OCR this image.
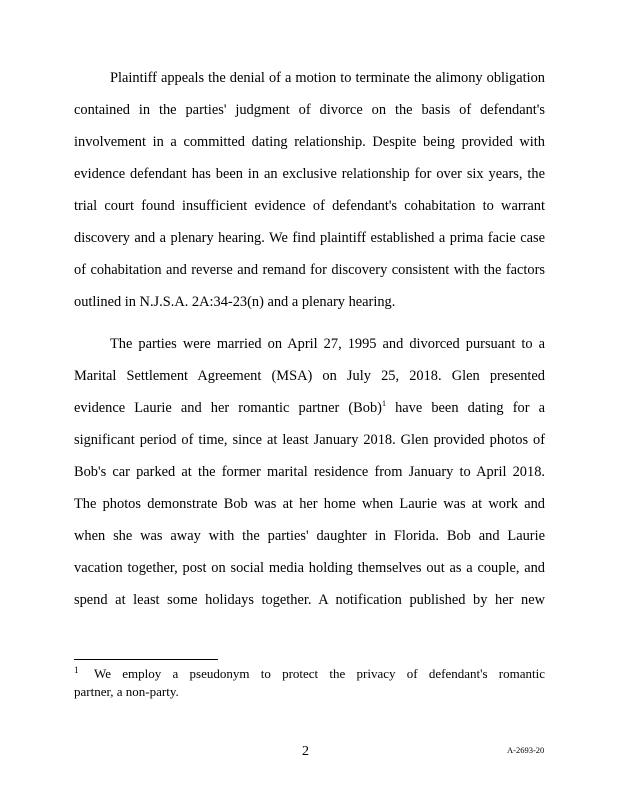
Plaintiff appeals the denial of a motion to terminate the alimony obligation
contained in the parties' judgment of divorce on the basis of defendant's
involvement in a committed dating relationship. Despite being provided with
evidence defendant has been in an exclusive relationship for over six years, the
trial court found insufficient evidence of defendant's cohabitation to warrant
discovery and a plenary hearing. We find plaintiff established a prima facie case
of cohabitation and reverse and remand for discovery consistent with the factors
outlined in N.J.S.A. 2A:34-23(n) and a plenary hearing.

The parties were married on April 27, 1995 and divorced pursuant to a
Marital Settlement Agreement (MSA) on July 25, 2018. Glen presented
evidence Laurie and her romantic partner (Bob)$^1$ have been dating for a
significant period of time, since at least January 2018. Glen provided photos of
Bob's car parked at the former marital residence from January to April 2018.
The photos demonstrate Bob was at her home when Laurie was at work and
when she was away with the parties' daughter in Florida. Bob and Laurie
vacation together, post on social media holding themselves out as a couple, and
spend at least some holidays together. A notification published by her new

1 We employ a pseudonym to protect the privacy of defendant's romantic
partner, a non-party.
2	A-2693-20
